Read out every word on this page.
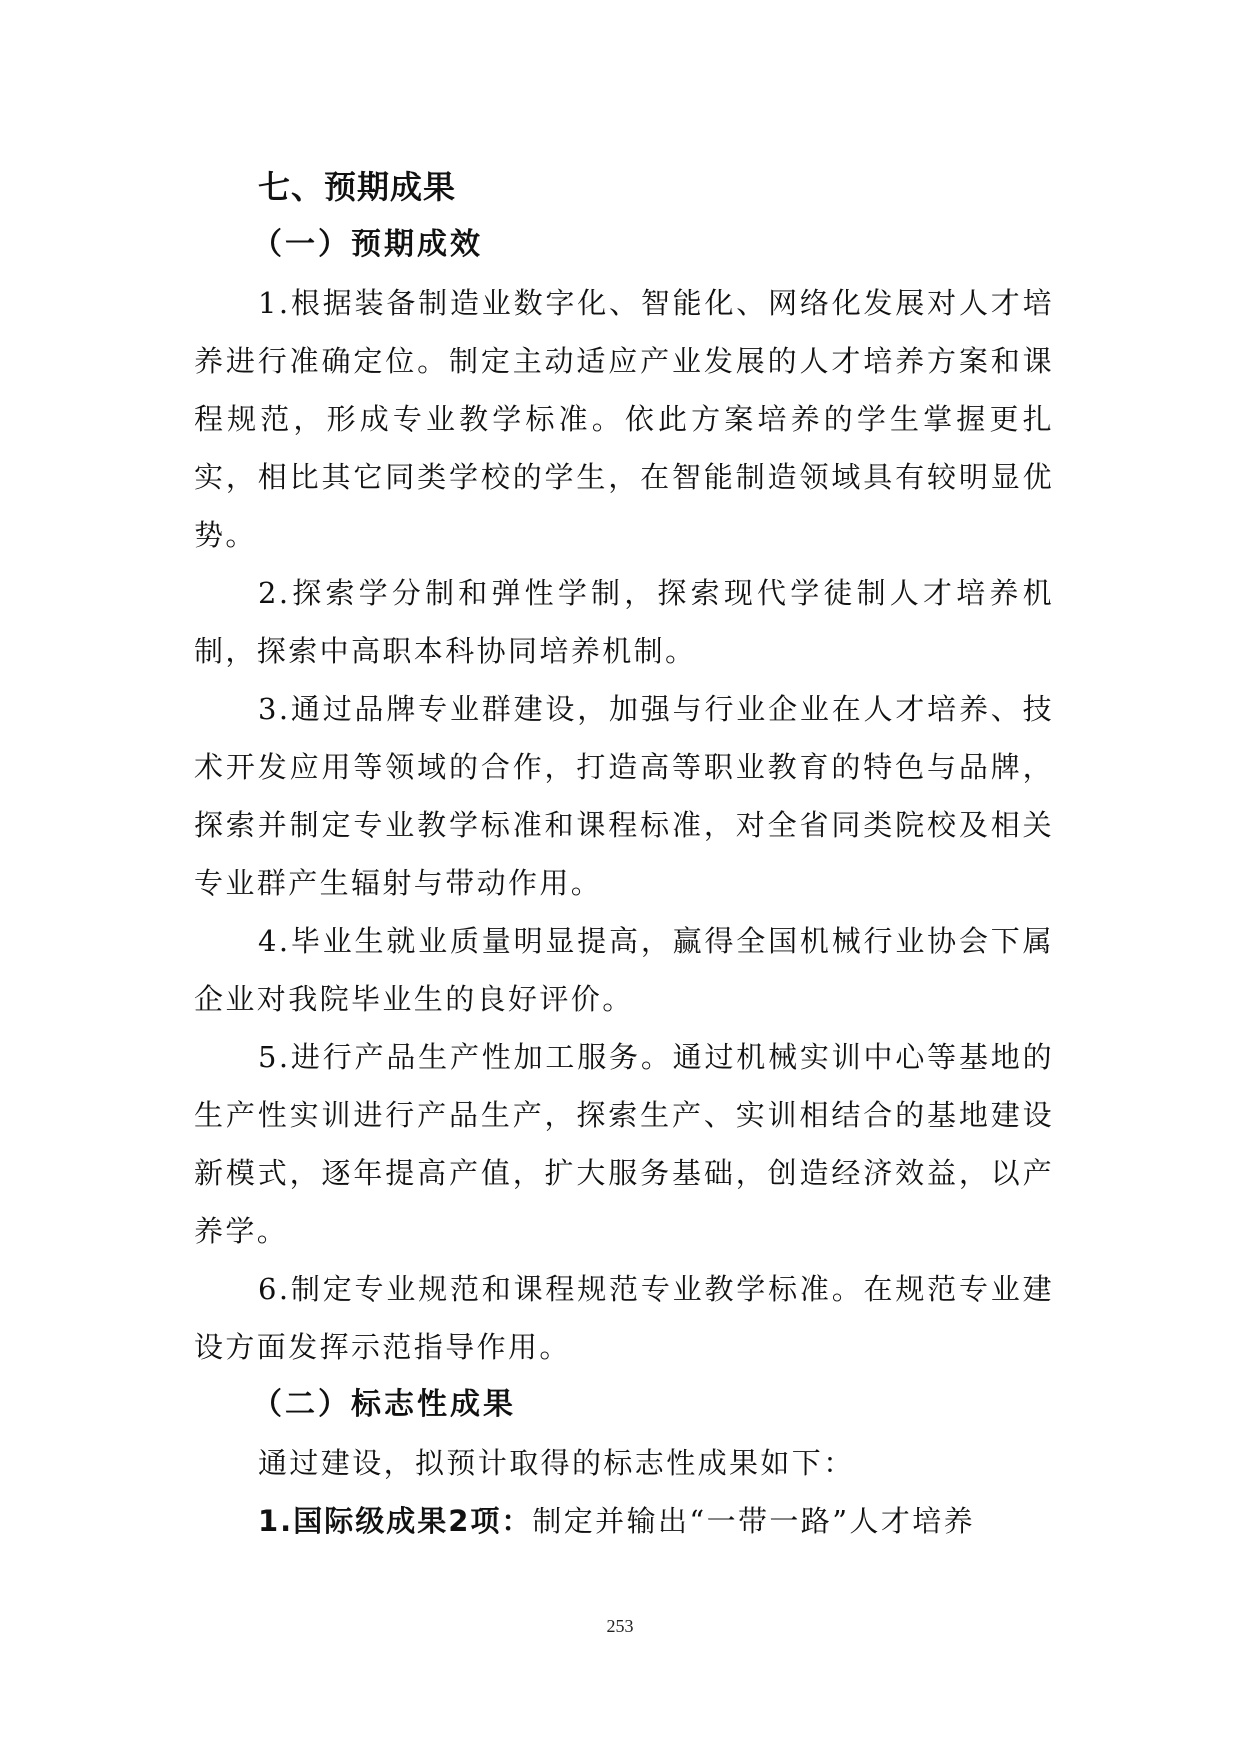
七、预期成果
（一）预期成效

1.根据装备制造业数字化、智能化、网络化发展对人才培养进行准确定位。制定主动适应产业发展的人才培养方案和课程规范，形成专业教学标准。依此方案培养的学生掌握更扎实，相比其它同类学校的学生，在智能制造领域具有较明显优势。

2.探索学分制和弹性学制，探索现代学徒制人才培养机制，探索中高职本科协同培养机制。

3.通过品牌专业群建设，加强与行业企业在人才培养、技术开发应用等领域的合作，打造高等职业教育的特色与品牌，探索并制定专业教学标准和课程标准，对全省同类院校及相关专业群产生辐射与带动作用。

4.毕业生就业质量明显提高，赢得全国机械行业协会下属企业对我院毕业生的良好评价。

5.进行产品生产性加工服务。通过机械实训中心等基地的生产性实训进行产品生产，探索生产、实训相结合的基地建设新模式，逐年提高产值，扩大服务基础，创造经济效益，以产养学。

6.制定专业规范和课程规范专业教学标准。在规范专业建设方面发挥示范指导作用。

（二）标志性成果

通过建设，拟预计取得的标志性成果如下：

1.国际级成果2项：制定并输出“一带一路”人才培养

253
